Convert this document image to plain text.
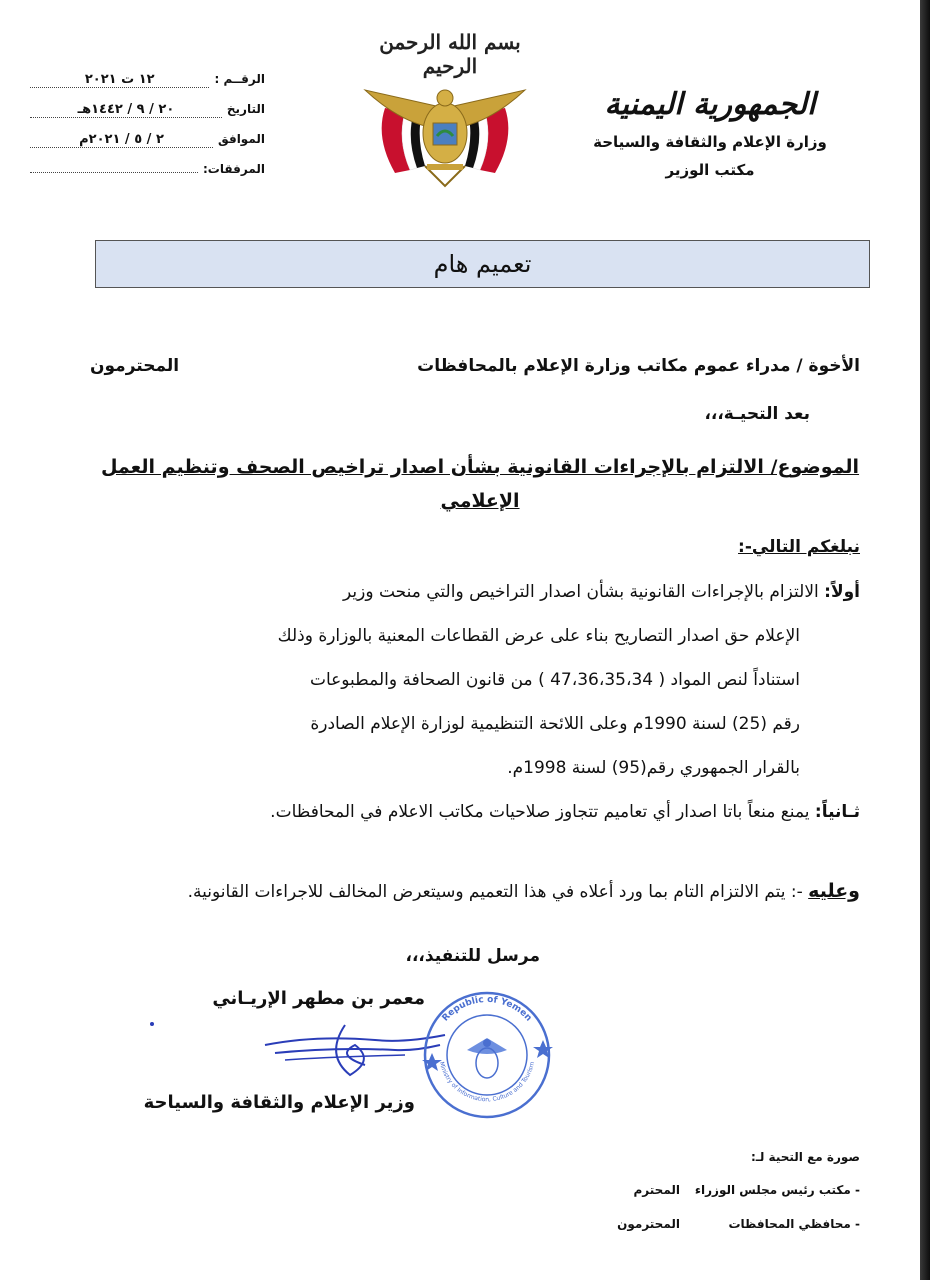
الرقــم :
١٢ ت ٢٠٢١
التاريخ
٢٠ / ٩ / ١٤٤٢هـ
الموافق
٢ / ٥ / ٢٠٢١م
المرفقات:
بسم الله الرحمن الرحيم
الجمهورية اليمنية
وزارة الإعلام والثقافة والسياحة
مكتب الوزير
تعميم هام
الأخوة / مدراء عموم مكاتب وزارة الإعلام بالمحافظات
المحترمون
بعد التحيـة،،،
الموضوع/ الالتزام بالإجراءات القانونية بشأن اصدار تراخيص الصحف وتنظيم العمل الإعلامي
نبلغكم التالي-:
أولاً: الالتزام بالإجراءات القانونية بشأن اصدار التراخيص والتي منحت وزير
الإعلام حق اصدار التصاريح بناء على عرض القطاعات المعنية بالوزارة وذلك
استناداً لنص المواد ( 47،36،35،34 ) من قانون الصحافة والمطبوعات
رقم (25) لسنة 1990م وعلى اللائحة التنظيمية لوزارة الإعلام الصادرة
بالقرار الجمهوري رقم(95) لسنة 1998م.
ثـانياً: يمنع منعاً باتا اصدار أي تعاميم تتجاوز صلاحيات مكاتب الاعلام في المحافظات.
وعليه -: يتم الالتزام التام بما ورد أعلاه في هذا التعميم وسيتعرض المخالف للاجراءات القانونية.
مرسل للتنفيذ،،،
معمر بن مطهر الإريـاني
Republic of Yemen
Ministry of Information, Culture and Tourism
وزير الإعلام والثقافة والسياحة
صورة مع التحية لـ:
- مكتب رئيس مجلس الوزراء
المحترم
- محافظي المحافظات
المحترمون
